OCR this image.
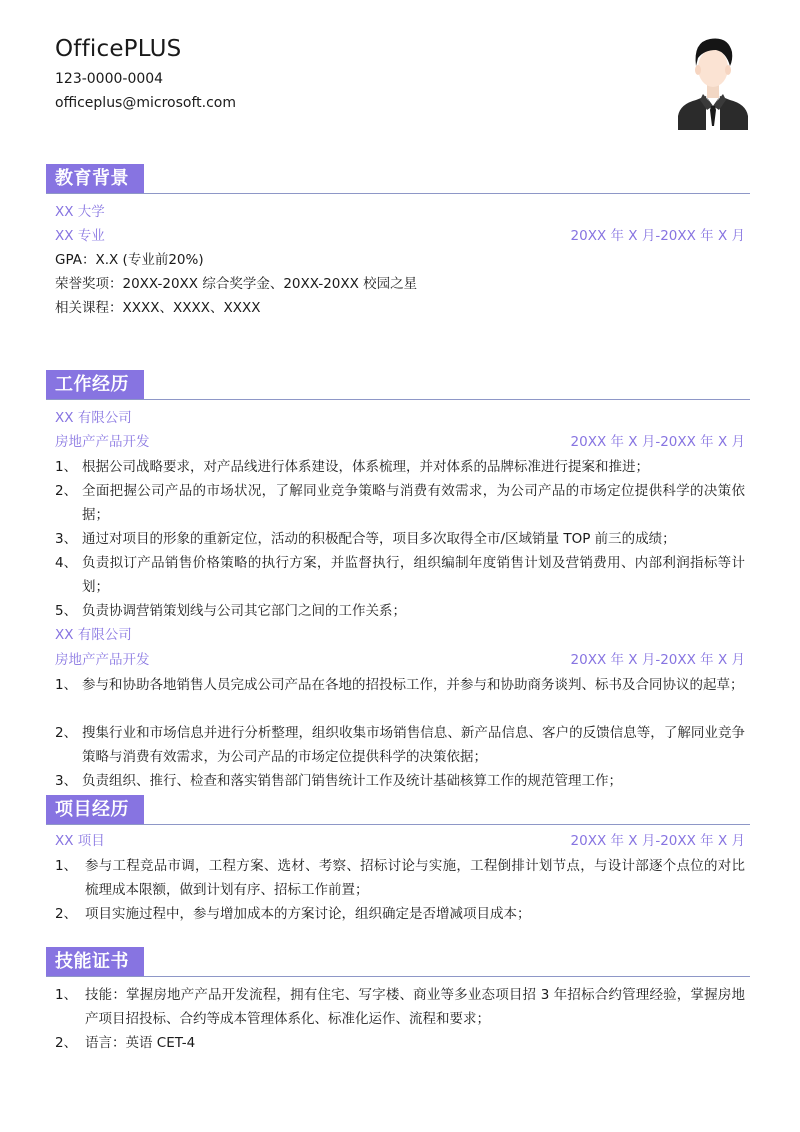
OfficePLUS
123-0000-0004
officeplus@microsoft.com
教育背景
XX 大学
XX 专业	20XX 年 X 月-20XX 年 X 月
GPA：X.X (专业前20%)
荣誉奖项：20XX-20XX 综合奖学金、20XX-20XX 校园之星
相关课程：XXXX、XXXX、XXXX
工作经历
XX 有限公司
房地产产品开发	20XX 年 X 月-20XX 年 X 月
1、 根据公司战略要求，对产品线进行体系建设，体系梳理，并对体系的品牌标准进行提案和推进；
2、 全面把握公司产品的市场状况，了解同业竞争策略与消费有效需求，为公司产品的市场定位提供科学的决策依据；
3、 通过对项目的形象的重新定位，活动的积极配合等，项目多次取得全市/区域销量 TOP 前三的成绩；
4、 负责拟订产品销售价格策略的执行方案，并监督执行，组织编制年度销售计划及营销费用、内部利润指标等计划；
5、 负责协调营销策划线与公司其它部门之间的工作关系；
XX 有限公司
房地产产品开发	20XX 年 X 月-20XX 年 X 月
1、 参与和协助各地销售人员完成公司产品在各地的招投标工作，并参与和协助商务谈判、标书及合同协议的起草；
2、 搜集行业和市场信息并进行分析整理，组织收集市场销售信息、新产品信息、客户的反馈信息等，了解同业竞争策略与消费有效需求，为公司产品的市场定位提供科学的决策依据；
3、 负责组织、推行、检查和落实销售部门销售统计工作及统计基础核算工作的规范管理工作；
项目经历
XX 项目	20XX 年 X 月-20XX 年 X 月
1、 参与工程竞品市调，工程方案、选材、考察、招标讨论与实施，工程倒排计划节点，与设计部逐个点位的对比梳理成本限额，做到计划有序、招标工作前置；
2、 项目实施过程中，参与增加成本的方案讨论，组织确定是否增减项目成本；
技能证书
1、 技能：掌握房地产产品开发流程，拥有住宅、写字楼、商业等多业态项目招 3 年招标合约管理经验，掌握房地产项目招投标、合约等成本管理体系化、标准化运作、流程和要求；
2、 语言：英语 CET-4
